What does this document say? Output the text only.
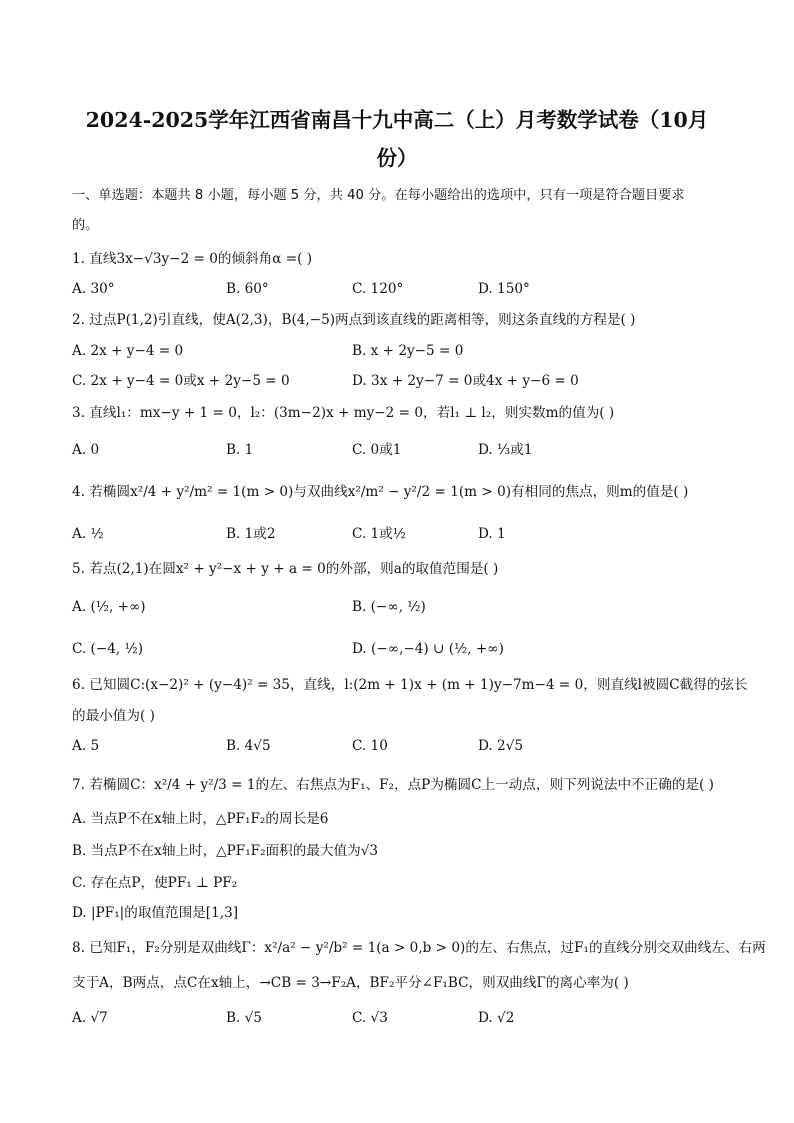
2024-2025学年江西省南昌十九中高二（上）月考数学试卷（10月
份）
一、单选题：本题共 8 小题，每小题 5 分，共 40 分。在每小题给出的选项中，只有一项是符合题目要求
的。
1. 直线3x−√3y−2 = 0的倾斜角α =( )
A. 30°	B. 60°	C. 120°	D. 150°
2. 过点P(1,2)引直线，使A(2,3)，B(4,−5)两点到该直线的距离相等，则这条直线的方程是( )
A. 2x + y−4 = 0	B. x + 2y−5 = 0
C. 2x + y−4 = 0或x + 2y−5 = 0	D. 3x + 2y−7 = 0或4x + y−6 = 0
3. 直线l₁：mx−y + 1 = 0，l₂：(3m−2)x + my−2 = 0，若l₁ ⊥ l₂，则实数m的值为( )
A. 0	B. 1	C. 0或1	D. ⅓或1
4. 若椭圆x²/4 + y²/m² = 1(m > 0)与双曲线x²/m² − y²/2 = 1(m > 0)有相同的焦点，则m的值是( )
A. ½	B. 1或2	C. 1或½	D. 1
5. 若点(2,1)在圆x² + y²−x + y + a = 0的外部，则a的取值范围是( )
A. (½, +∞)	B. (−∞, ½)
C. (−4, ½)	D. (−∞,−4) ∪ (½, +∞)
6. 已知圆C:(x−2)² + (y−4)² = 35，直线，l:(2m + 1)x + (m + 1)y−7m−4 = 0，则直线l被圆C截得的弦长
的最小值为( )
A. 5	B. 4√5	C. 10	D. 2√5
7. 若椭圆C：x²/4 + y²/3 = 1的左、右焦点为F₁、F₂，点P为椭圆C上一动点，则下列说法中不正确的是( )
A. 当点P不在x轴上时，△PF₁F₂的周长是6
B. 当点P不在x轴上时，△PF₁F₂面积的最大值为√3
C. 存在点P，使PF₁ ⊥ PF₂
D. |PF₁|的取值范围是[1,3]
8. 已知F₁，F₂分别是双曲线Γ：x²/a² − y²/b² = 1(a > 0,b > 0)的左、右焦点，过F₁的直线分别交双曲线左、右两
支于A，B两点，点C在x轴上，→CB = 3→F₂A，BF₂平分∠F₁BC，则双曲线Γ的离心率为( )
A. √7	B. √5	C. √3	D. √2
